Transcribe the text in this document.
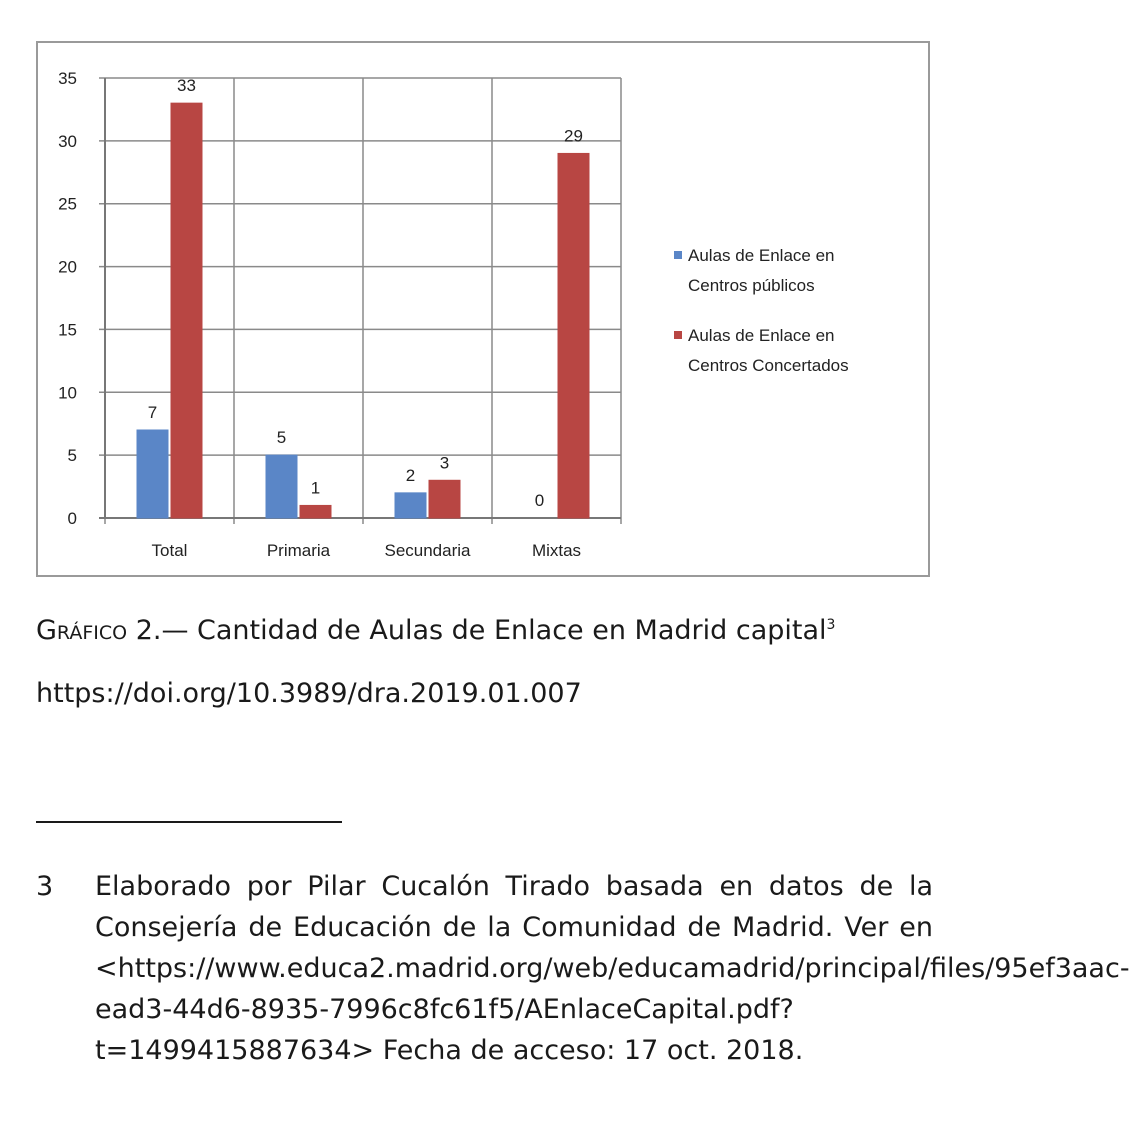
0
5
10
15
20
25
30
35
7
5
2
0
33
1
3
29
Total	Primaria	Secundaria	Mixtas
Aulas de Enlace en
Centros públicos
Aulas de Enlace en
Centros Concertados
Gráfico 2.— Cantidad de Aulas de Enlace en Madrid capital$^3$
https://doi.org/10.3989/dra.2019.01.007
3	Elaborado por Pilar Cucalón Tirado basada en datos de la Consejería de Educación de la Comunidad de Madrid. Ver en <https://www.educa2.madrid.org/web/educamadrid/principal/files/95ef3aac-ead3-44d6-8935-7996c8fc61f5/AEnlaceCapital.pdf?t=1499415887634> Fecha de acceso: 17 oct. 2018.
